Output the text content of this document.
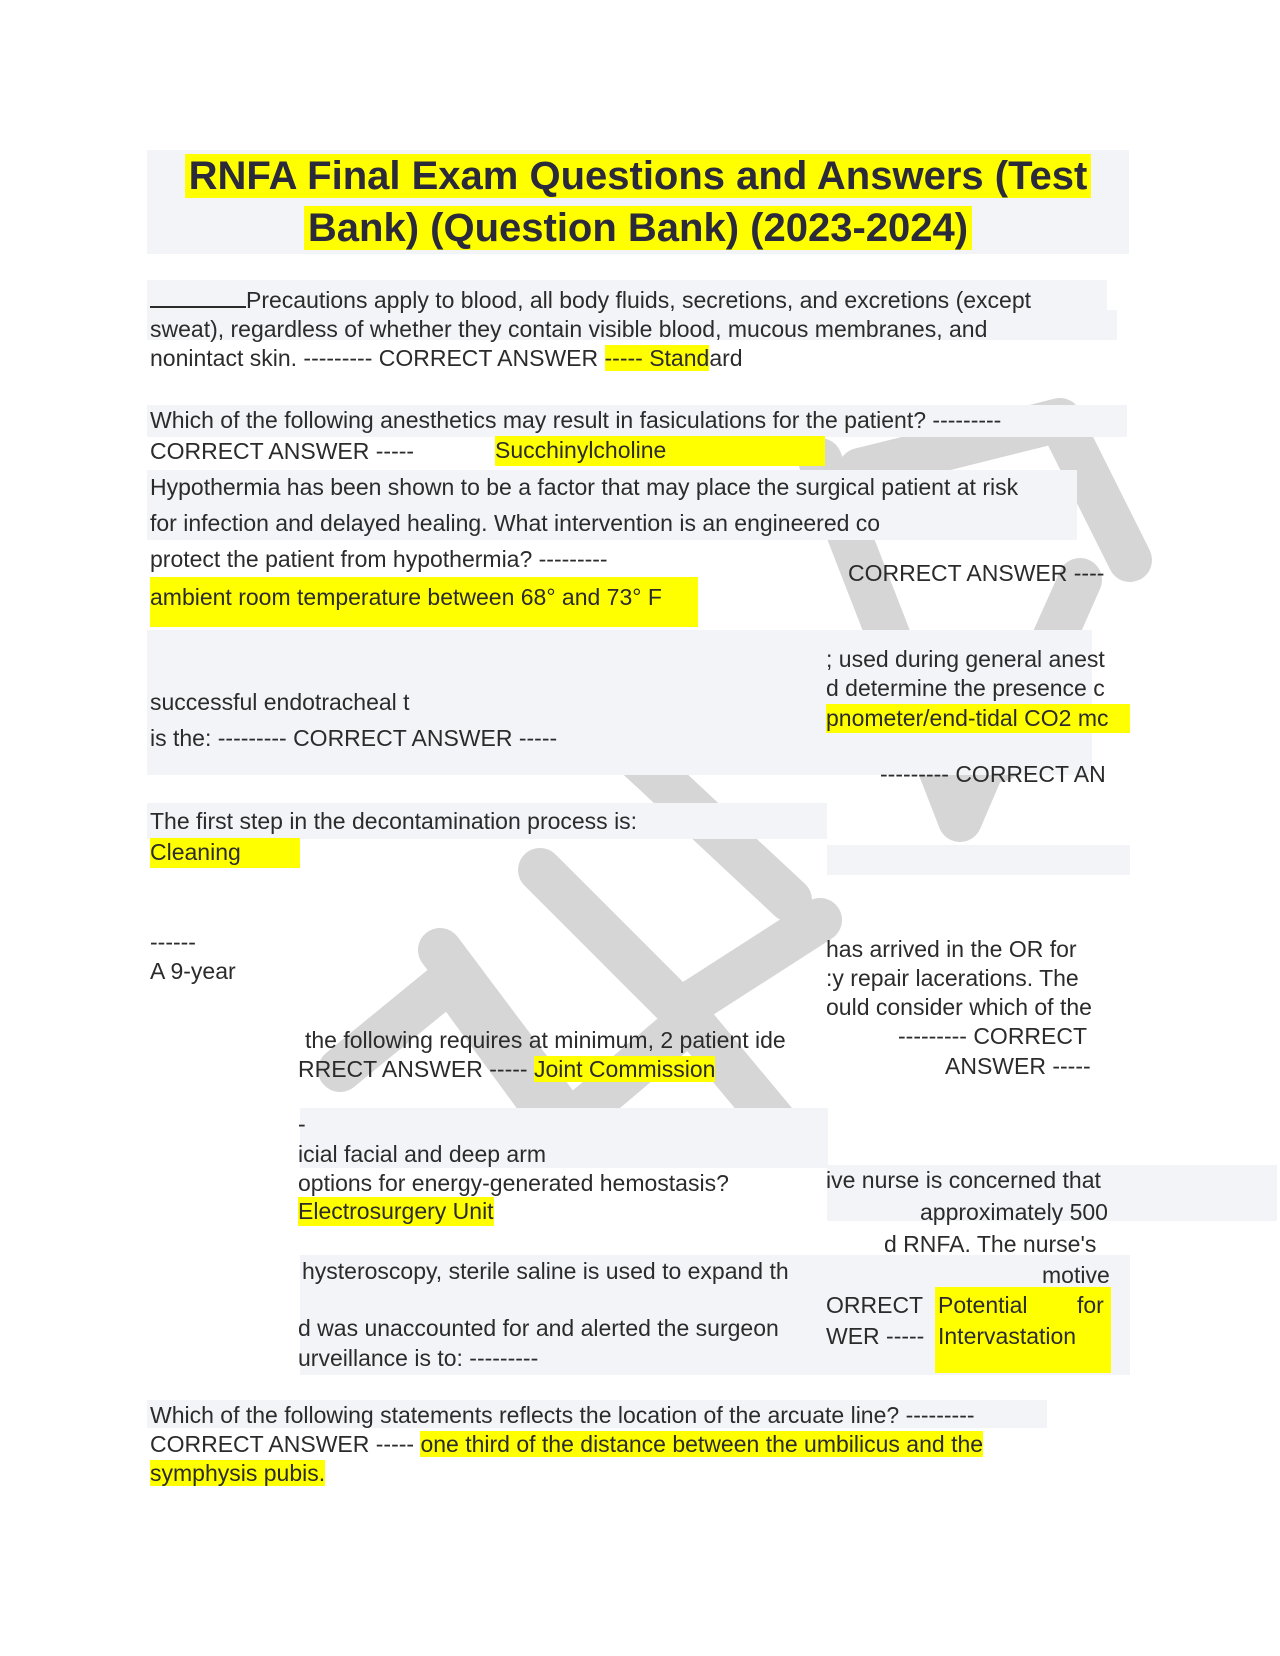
RNFA Final Exam Questions and Answers (Test
Bank) (Question Bank) (2023-2024)
Precautions apply to blood, all body fluids, secretions, and excretions (except
sweat), regardless of whether they contain visible blood, mucous membranes, and
nonintact skin. --------- CORRECT ANSWER ----- Standard
Which of the following anesthetics may result in fasiculations for the patient? ---------
CORRECT ANSWER -----	Succhinylcholine
Hypothermia has been shown to be a factor that may place the surgical patient at risk
for infection and delayed healing. What intervention is an engineered co
protect the patient from hypothermia? ---------
CORRECT ANSWER ----
ambient room temperature between 68° and 73° F
; used during general anest
successful endotracheal t
d determine the presence c
is the: --------- CORRECT ANSWER -----
pnometer/end-tidal CO2 mc
--------- CORRECT AN
The first step in the decontamination process is:
Cleaning
------
A 9-year
has arrived in the OR for
:y repair lacerations. The
ould consider which of the
--------- CORRECT
ANSWER -----
the following requires at minimum, 2 patient ide
RRECT ANSWER ----- Joint Commission
-
icial facial and deep arm
options for energy-generated hemostasis?
Electrosurgery Unit
ive nurse is concerned that
approximately 500
d RNFA. The nurse's
motive
hysteroscopy, sterile saline is used to expand th
ORRECT
d was unaccounted for and alerted the surgeon WER -----
urveillance is to: ---------
Potential for
Intervastation
Which of the following statements reflects the location of the arcuate line? ---------
CORRECT ANSWER ----- one third of the distance between the umbilicus and the
symphysis pubis.
